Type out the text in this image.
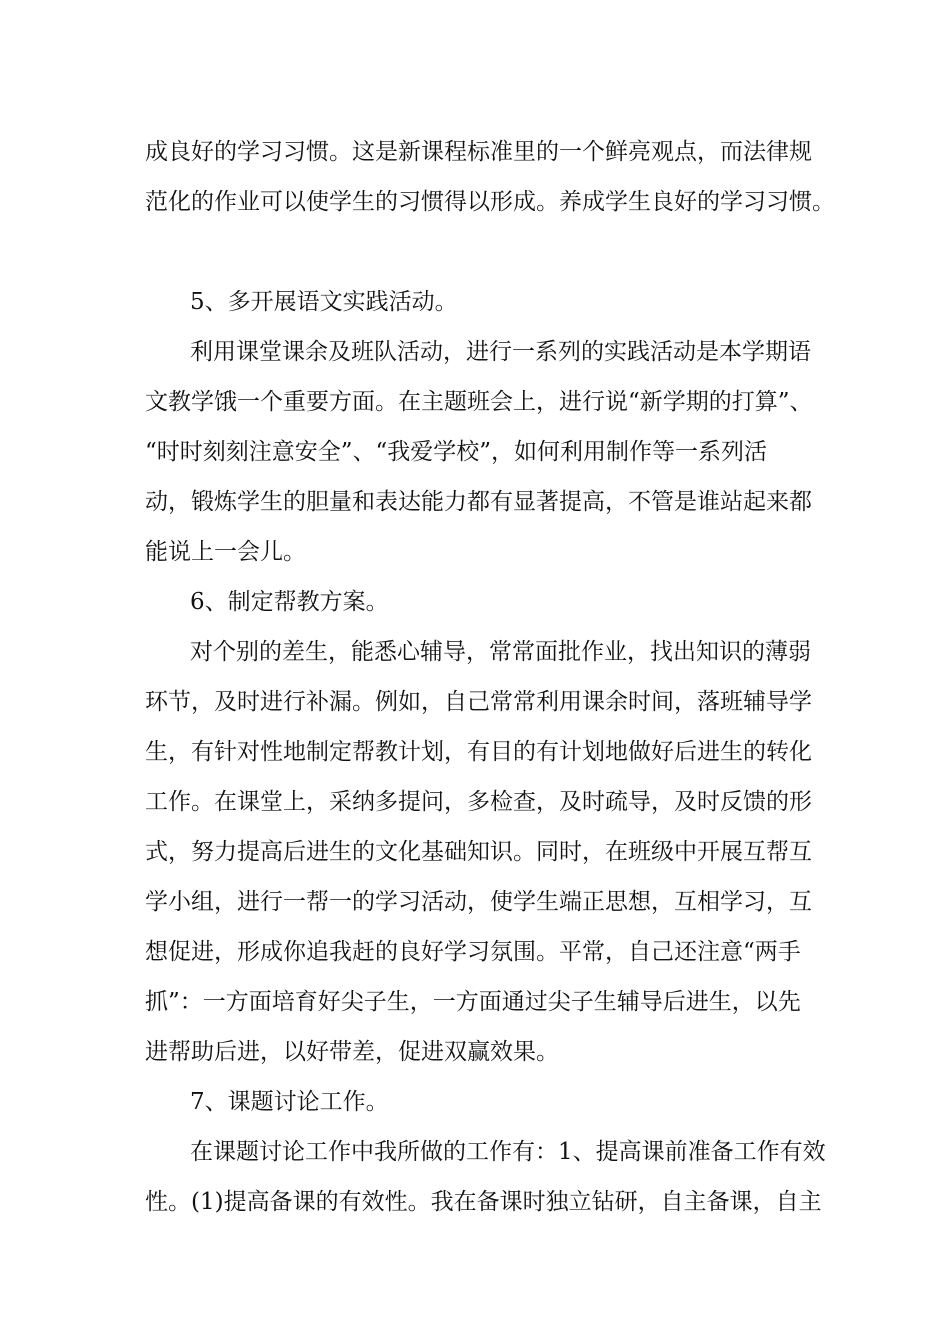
成良好的学习习惯。这是新课程标准里的一个鲜亮观点，而法律规
范化的作业可以使学生的习惯得以形成。养成学生良好的学习习惯。
5、多开展语文实践活动。
利用课堂课余及班队活动，进行一系列的实践活动是本学期语
文教学饿一个重要方面。在主题班会上，进行说“新学期的打算”、
“时时刻刻注意安全”、“我爱学校”，如何利用制作等一系列活
动，锻炼学生的胆量和表达能力都有显著提高，不管是谁站起来都
能说上一会儿。
6、制定帮教方案。
对个别的差生，能悉心辅导，常常面批作业，找出知识的薄弱
环节，及时进行补漏。例如，自己常常利用课余时间，落班辅导学
生，有针对性地制定帮教计划，有目的有计划地做好后进生的转化
工作。在课堂上，采纳多提问，多检查，及时疏导，及时反馈的形
式，努力提高后进生的文化基础知识。同时，在班级中开展互帮互
学小组，进行一帮一的学习活动，使学生端正思想，互相学习，互
想促进，形成你追我赶的良好学习氛围。平常，自己还注意“两手
抓”：一方面培育好尖子生，一方面通过尖子生辅导后进生，以先
进帮助后进，以好带差，促进双赢效果。
7、课题讨论工作。
在课题讨论工作中我所做的工作有：1、提高课前准备工作有效
性。(1)提高备课的有效性。我在备课时独立钻研，自主备课，自主
